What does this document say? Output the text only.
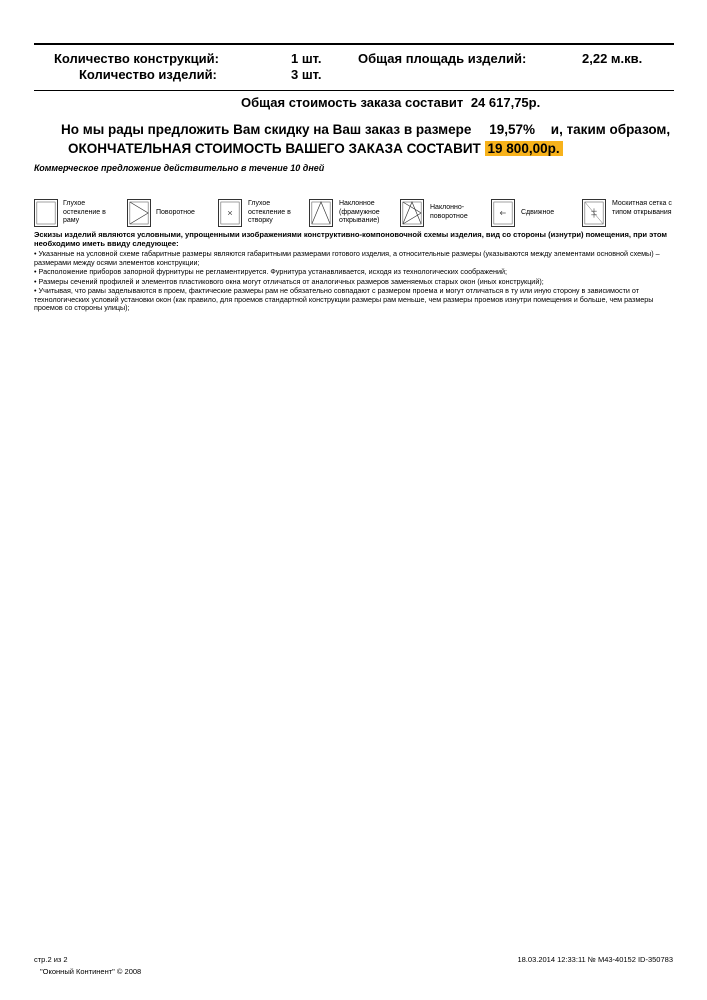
Количество конструкций:	1 шт.
Количество изделий:	3 шт.
Общая площадь изделий:	2,22 м.кв.
Общая стоимость заказа составит 24 617,75р.
Но мы рады предложить Вам скидку на Ваш заказ в размере 19,57% и, таким образом,
ОКОНЧАТЕЛЬНАЯ СТОИМОСТЬ ВАШЕГО ЗАКАЗА СОСТАВИТ 19 800,00р.
Коммерческое предложение действительно в течение 10 дней
Глухое остекление в раму
Поворотное
Глухое остекление в створку
Наклонное (фрамужное открывание)
Наклонно-поворотное	Сдвижное
Москитная сетка с типом открывания
Эскизы изделий являются условными, упрощенными изображениями конструктивно-компоновочной схемы изделия, вид со стороны (изнутри) помещения, при этом необходимо иметь ввиду следующее:
• Указанные на условной схеме габаритные размеры являются габаритными размерами готового изделия, а относительные размеры (указываются между элементами основной схемы) – размерами между осями элементов конструкции;
• Расположение приборов запорной фурнитуры не регламентируется. Фурнитура устанавливается, исходя из технологических соображений;
• Размеры сечений профилей и элементов пластикового окна могут отличаться от аналогичных размеров заменяемых старых окон (иных конструкций);
• Учитывая, что рамы заделываются в проем, фактические размеры рам не обязательно совпадают с размером проема и могут отличаться в ту или иную сторону в зависимости от технологических условий установки окон (как правило, для проемов стандартной конструкции размеры рам меньше, чем размеры проемов изнутри помещения и больше, чем размеры проемов со стороны улицы);
стр.2 из 2
"Оконный Континент" © 2008
18.03.2014 12:33:11 № М43-40152 ID-350783
